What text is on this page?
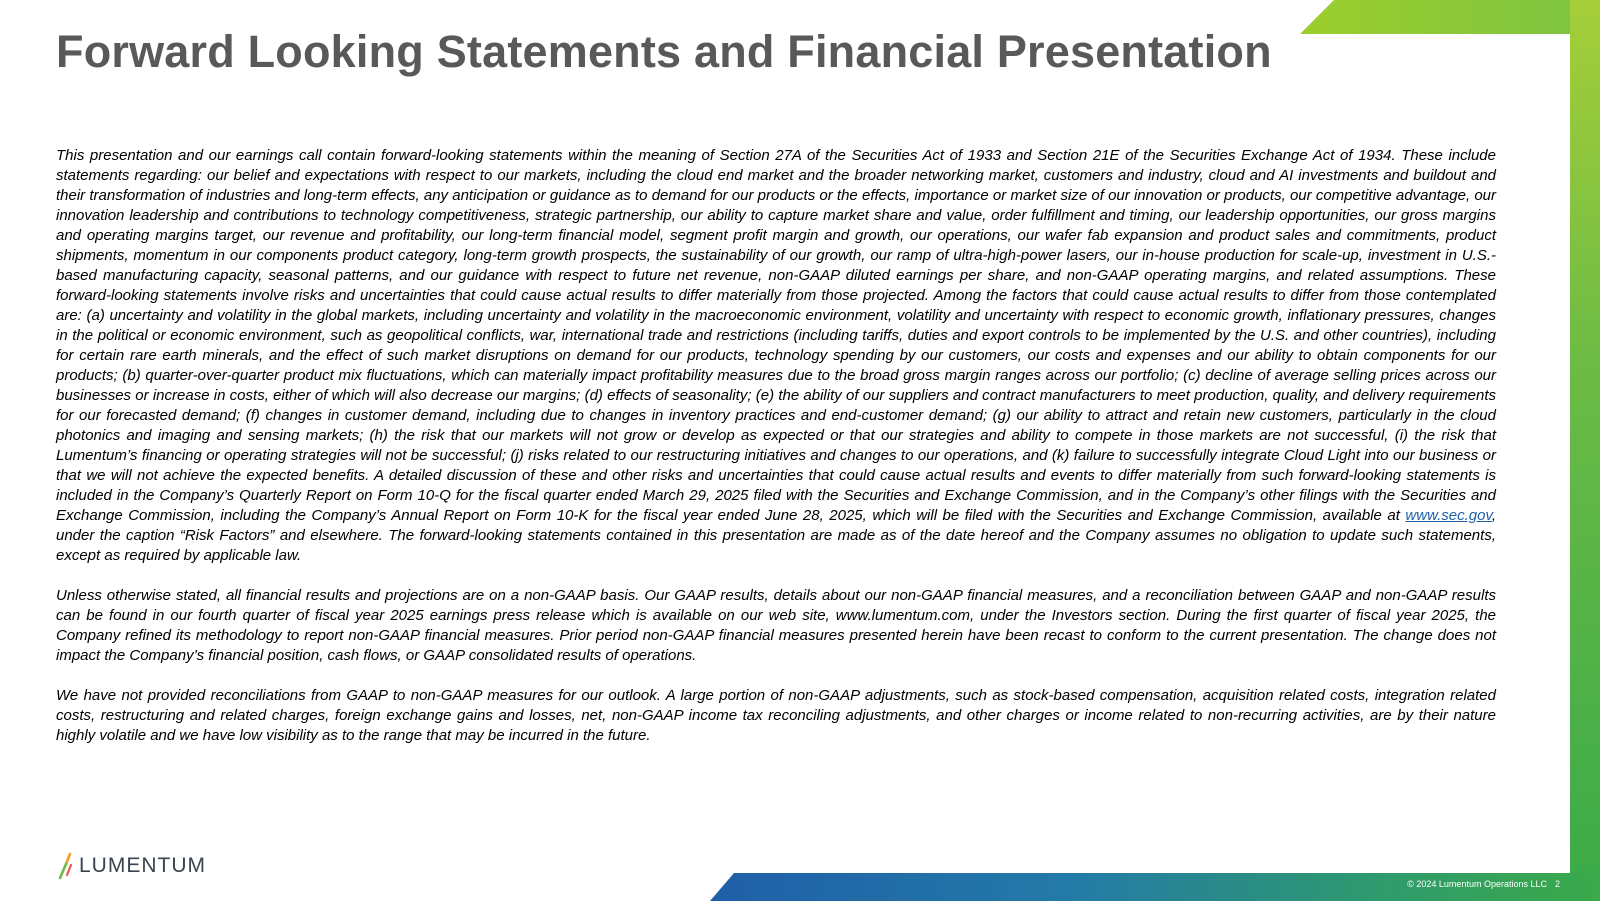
Forward Looking Statements and Financial Presentation

This presentation and our earnings call contain forward-looking statements within the meaning of Section 27A of the Securities Act of 1933 and Section 21E of the Securities Exchange Act of 1934. These include statements regarding: our belief and expectations with respect to our markets, including the cloud end market and the broader networking market, customers and industry, cloud and AI investments and buildout and their transformation of industries and long-term effects, any anticipation or guidance as to demand for our products or the effects, importance or market size of our innovation or products, our competitive advantage, our innovation leadership and contributions to technology competitiveness, strategic partnership, our ability to capture market share and value, order fulfillment and timing, our leadership opportunities, our gross margins and operating margins target, our revenue and profitability, our long-term financial model, segment profit margin and growth, our operations, our wafer fab expansion and product sales and commitments, product shipments, momentum in our components product category, long-term growth prospects, the sustainability of our growth, our ramp of ultra-high-power lasers, our in-house production for scale-up, investment in U.S.-based manufacturing capacity, seasonal patterns, and our guidance with respect to future net revenue, non-GAAP diluted earnings per share, and non-GAAP operating margins, and related assumptions. These forward-looking statements involve risks and uncertainties that could cause actual results to differ materially from those projected. Among the factors that could cause actual results to differ from those contemplated are: (a) uncertainty and volatility in the global markets, including uncertainty and volatility in the macroeconomic environment, volatility and uncertainty with respect to economic growth, inflationary pressures, changes in the political or economic environment, such as geopolitical conflicts, war, international trade and restrictions (including tariffs, duties and export controls to be implemented by the U.S. and other countries), including for certain rare earth minerals, and the effect of such market disruptions on demand for our products, technology spending by our customers, our costs and expenses and our ability to obtain components for our products; (b) quarter-over-quarter product mix fluctuations, which can materially impact profitability measures due to the broad gross margin ranges across our portfolio; (c) decline of average selling prices across our businesses or increase in costs, either of which will also decrease our margins; (d) effects of seasonality; (e) the ability of our suppliers and contract manufacturers to meet production, quality, and delivery requirements for our forecasted demand; (f) changes in customer demand, including due to changes in inventory practices and end-customer demand; (g) our ability to attract and retain new customers, particularly in the cloud photonics and imaging and sensing markets; (h) the risk that our markets will not grow or develop as expected or that our strategies and ability to compete in those markets are not successful, (i) the risk that Lumentum’s financing or operating strategies will not be successful; (j) risks related to our restructuring initiatives and changes to our operations, and (k) failure to successfully integrate Cloud Light into our business or that we will not achieve the expected benefits. A detailed discussion of these and other risks and uncertainties that could cause actual results and events to differ materially from such forward-looking statements is included in the Company’s Quarterly Report on Form 10-Q for the fiscal quarter ended March 29, 2025 filed with the Securities and Exchange Commission, and in the Company’s other filings with the Securities and Exchange Commission, including the Company’s Annual Report on Form 10-K for the fiscal year ended June 28, 2025, which will be filed with the Securities and Exchange Commission, available at www.sec.gov, under the caption “Risk Factors” and elsewhere. The forward-looking statements contained in this presentation are made as of the date hereof and the Company assumes no obligation to update such statements, except as required by applicable law.

Unless otherwise stated, all financial results and projections are on a non-GAAP basis. Our GAAP results, details about our non-GAAP financial measures, and a reconciliation between GAAP and non-GAAP results can be found in our fourth quarter of fiscal year 2025 earnings press release which is available on our web site, www.lumentum.com, under the Investors section. During the first quarter of fiscal year 2025, the Company refined its methodology to report non-GAAP financial measures. Prior period non-GAAP financial measures presented herein have been recast to conform to the current presentation. The change does not impact the Company’s financial position, cash flows, or GAAP consolidated results of operations.

We have not provided reconciliations from GAAP to non-GAAP measures for our outlook. A large portion of non-GAAP adjustments, such as stock-based compensation, acquisition related costs, integration related costs, restructuring and related charges, foreign exchange gains and losses, net, non-GAAP income tax reconciling adjustments, and other charges or income related to non-recurring activities, are by their nature highly volatile and we have low visibility as to the range that may be incurred in the future.

LUMENTUM
© 2024 Lumentum Operations LLC 2
